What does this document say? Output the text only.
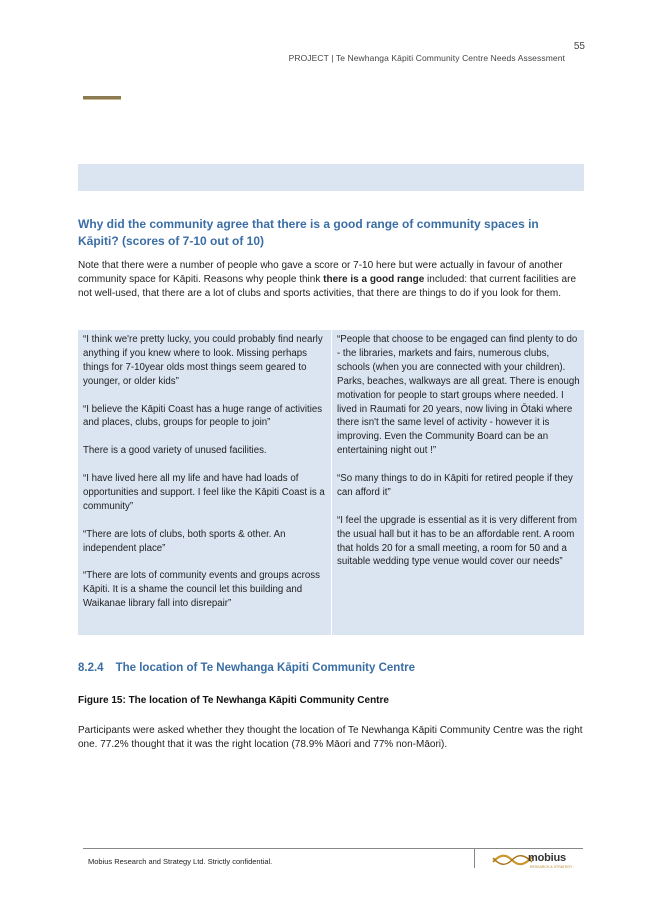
55
PROJECT | Te Newhanga Kāpiti Community Centre Needs Assessment
Why did the community agree that there is a good range of community spaces in Kāpiti? (scores of 7-10 out of 10)
Note that there were a number of people who gave a score or 7-10 here but were actually in favour of another community space for Kāpiti. Reasons why people think there is a good range included: that current facilities are not well-used, that there are a lot of clubs and sports activities, that there are things to do if you look for them.

“I think we're pretty lucky, you could probably find nearly anything if you knew where to look. Missing perhaps things for 7-10year olds most things seem geared to younger, or older kids”

“I believe the Kāpiti Coast has a huge range of activities and places, clubs, groups for people to join”

There is a good variety of unused facilities.

“I have lived here all my life and have had loads of opportunities and support. I feel like the Kāpiti Coast is a community”

“There are lots of clubs, both sports & other. An independent place”

“There are lots of community events and groups across Kāpiti. It is a shame the council let this building and Waikanae library fall into disrepair”

“People that choose to be engaged can find plenty to do - the libraries, markets and fairs, numerous clubs, schools (when you are connected with your children). Parks, beaches, walkways are all great. There is enough motivation for people to start groups where needed. I lived in Raumati for 20 years, now living in Ōtaki where there isn't the same level of activity - however it is improving. Even the Community Board can be an entertaining night out !”

“So many things to do in Kāpiti for retired people if they can afford it”

“I feel the upgrade is essential as it is very different from the usual hall but it has to be an affordable rent. A room that holds 20 for a small meeting, a room for 50 and a suitable wedding type venue would cover our needs”

8.2.4 The location of Te Newhanga Kāpiti Community Centre
Figure 15: The location of Te Newhanga Kāpiti Community Centre
Participants were asked whether they thought the location of Te Newhanga Kāpiti Community Centre was the right one. 77.2% thought that it was the right location (78.9% Māori and 77% non-Māori).
Mobius Research and Strategy Ltd. Strictly confidential.	mobius
RESEARCH & STRATEGY
